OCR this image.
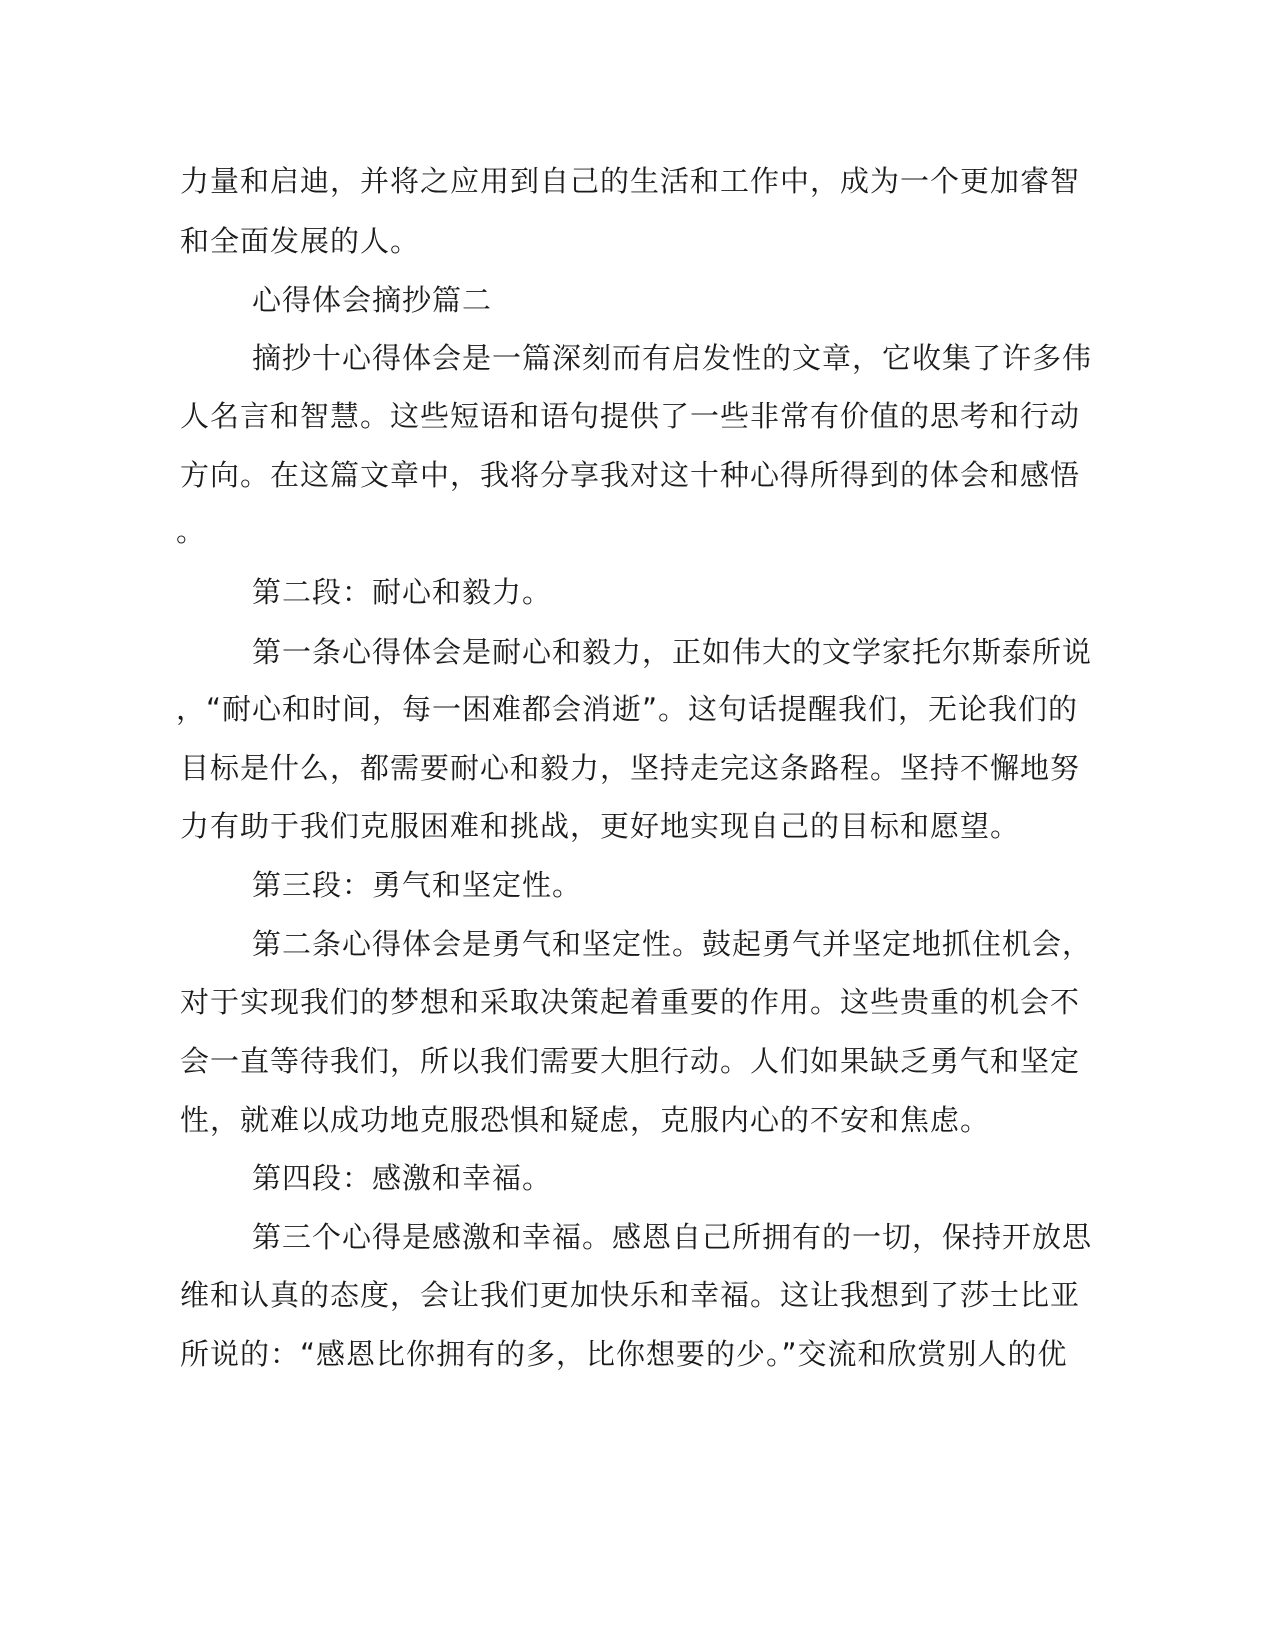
力量和启迪，并将之应用到自己的生活和工作中，成为一个更加睿智
和全面发展的人。
心得体会摘抄篇二
摘抄十心得体会是一篇深刻而有启发性的文章，它收集了许多伟
人名言和智慧。这些短语和语句提供了一些非常有价值的思考和行动
方向。在这篇文章中，我将分享我对这十种心得所得到的体会和感悟
。
第二段：耐心和毅力。
第一条心得体会是耐心和毅力，正如伟大的文学家托尔斯泰所说
，“耐心和时间，每一困难都会消逝”。这句话提醒我们，无论我们的
目标是什么，都需要耐心和毅力，坚持走完这条路程。坚持不懈地努
力有助于我们克服困难和挑战，更好地实现自己的目标和愿望。
第三段：勇气和坚定性。
第二条心得体会是勇气和坚定性。鼓起勇气并坚定地抓住机会，
对于实现我们的梦想和采取决策起着重要的作用。这些贵重的机会不
会一直等待我们，所以我们需要大胆行动。人们如果缺乏勇气和坚定
性，就难以成功地克服恐惧和疑虑，克服内心的不安和焦虑。
第四段：感激和幸福。
第三个心得是感激和幸福。感恩自己所拥有的一切，保持开放思
维和认真的态度，会让我们更加快乐和幸福。这让我想到了莎士比亚
所说的：“感恩比你拥有的多，比你想要的少。”交流和欣赏别人的优
